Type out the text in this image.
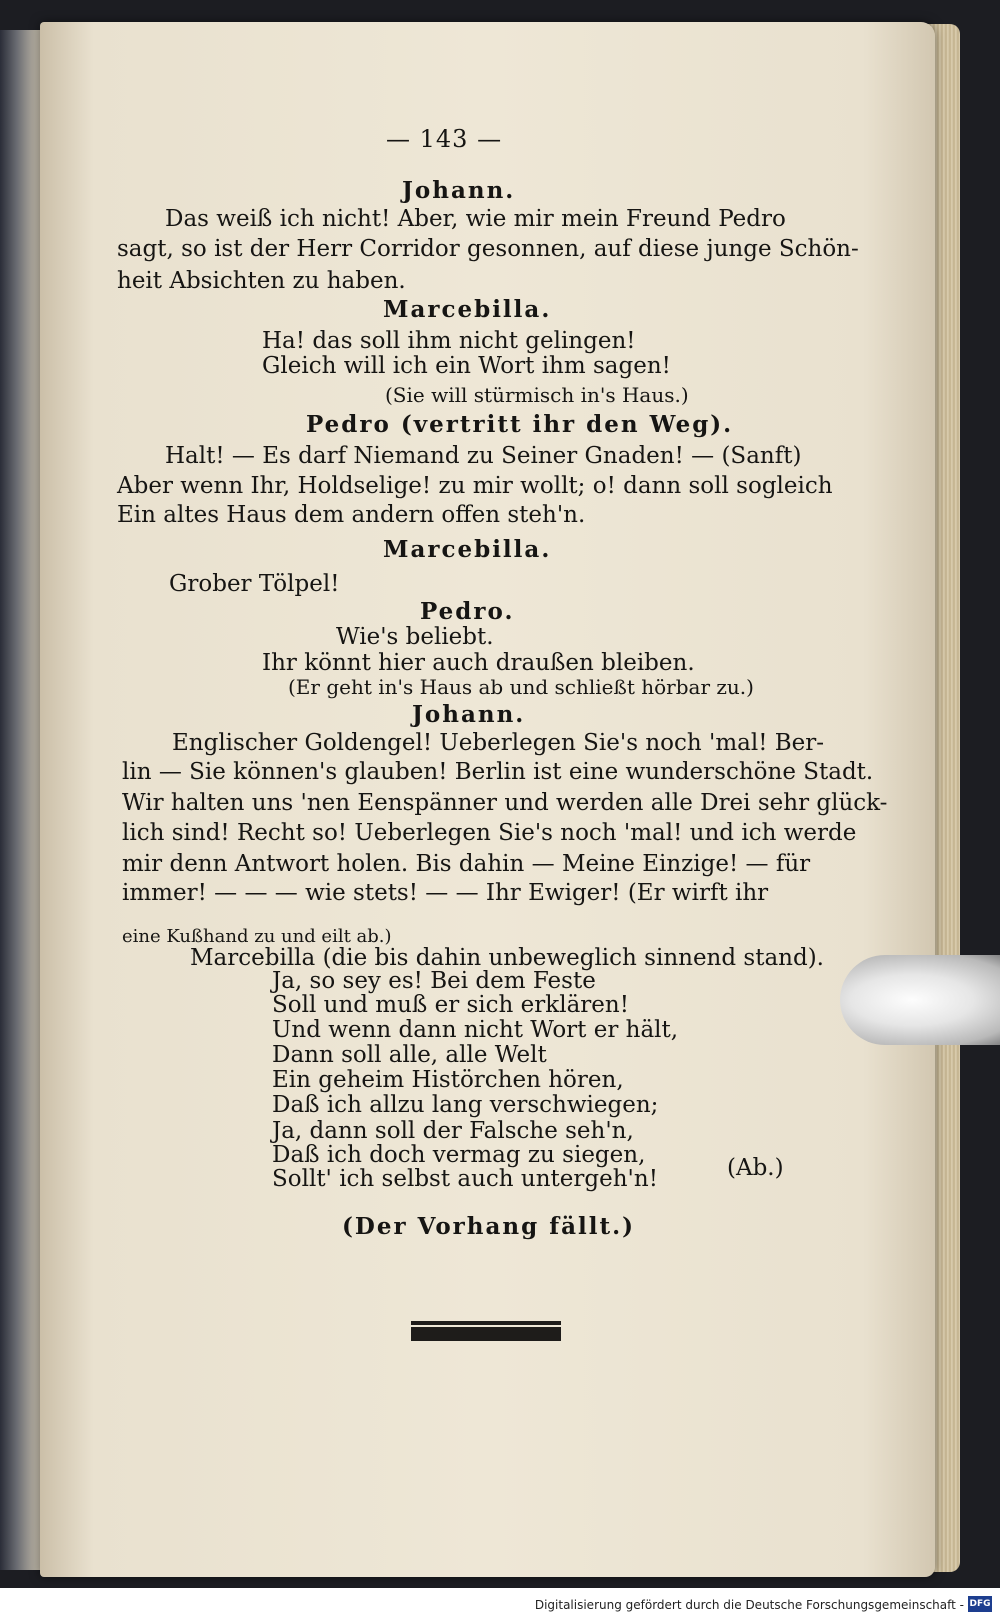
— 143 —
Johann.
Das weiß ich nicht! Aber, wie mir mein Freund Pedro
sagt, so ist der Herr Corridor gesonnen, auf diese junge Schön-
heit Absichten zu haben.
Marcebilla.
Ha! das soll ihm nicht gelingen!
Gleich will ich ein Wort ihm sagen!
(Sie will stürmisch in's Haus.)
Pedro (vertritt ihr den Weg).
Halt! — Es darf Niemand zu Seiner Gnaden! — (Sanft)
Aber wenn Ihr, Holdselige! zu mir wollt; o! dann soll sogleich
Ein altes Haus dem andern offen steh'n.
Marcebilla.
Grober Tölpel!
Pedro.
Wie's beliebt.
Ihr könnt hier auch draußen bleiben.
(Er geht in's Haus ab und schließt hörbar zu.)
Johann.
Englischer Goldengel! Ueberlegen Sie's noch 'mal! Ber-
lin — Sie können's glauben! Berlin ist eine wunderschöne Stadt.
Wir halten uns 'nen Eenspänner und werden alle Drei sehr glück-
lich sind! Recht so! Ueberlegen Sie's noch 'mal! und ich werde
mir denn Antwort holen. Bis dahin — Meine Einzige! — für
immer! — — — wie stets! — — Ihr Ewiger! (Er wirft ihr
eine Kußhand zu und eilt ab.)
Marcebilla (die bis dahin unbeweglich sinnend stand).
Ja, so sey es! Bei dem Feste
Soll und muß er sich erklären!
Und wenn dann nicht Wort er hält,
Dann soll alle, alle Welt
Ein geheim Histörchen hören,
Daß ich allzu lang verschwiegen;
Ja, dann soll der Falsche seh'n,
Daß ich doch vermag zu siegen,
Sollt' ich selbst auch untergeh'n!	(Ab.)
(Der Vorhang fällt.)
Digitalisierung gefördert durch die Deutsche Forschungsgemeinschaft - DFG
